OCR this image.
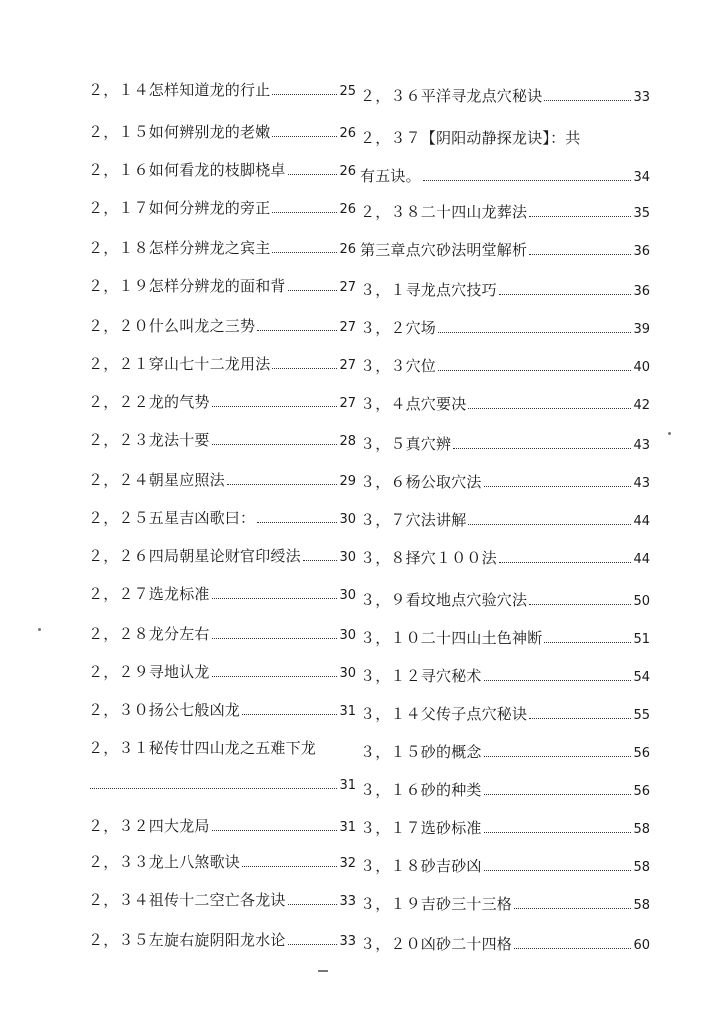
２，１４怎样知道龙的行止	25
２，１５如何辨别龙的老嫩	26
２，１６如何看龙的枝脚桡卓	26
２，１７如何分辨龙的旁正	26
２，１８怎样分辨龙之宾主	26
２，１９怎样分辨龙的面和背	27
２，２０什么叫龙之三势	27
２，２１穿山七十二龙用法	27
２，２２龙的气势	27
２，２３龙法十要	28
２，２４朝星应照法	29
２，２５五星吉凶歌曰：	30
２，２６四局朝星论财官印绶法	30
２，２７选龙标准	30
２，２８龙分左右	30
２，２９寻地认龙	30
２，３０扬公七般凶龙	31
２，３１秘传廿四山龙之五难下龙
31
２，３２四大龙局	31
２，３３龙上八煞歌诀	32
２，３４祖传十二空亡各龙诀	33
２，３５左旋右旋阴阳龙水论	33
２，３６平洋寻龙点穴秘诀	33
２，３７【阴阳动静探龙诀】：共
有五诀。	34
２，３８二十四山龙葬法	35
第三章点穴砂法明堂解析	36
３，１寻龙点穴技巧	36
３，２穴场	39
３，３穴位	40
３，４点穴要决	42
３，５真穴辨	43
３，６杨公取穴法	43
３，７穴法讲解	44
３，８择穴１００法	44
３，９看坟地点穴验穴法	50
３，１０二十四山土色神断	51
３，１２寻穴秘术	54
３，１４父传子点穴秘诀	55
３，１５砂的概念	56
３，１６砂的种类	56
３，１７选砂标准	58
３，１８砂吉砂凶	58
３，１９吉砂三十三格	58
３，２０凶砂二十四格	60
